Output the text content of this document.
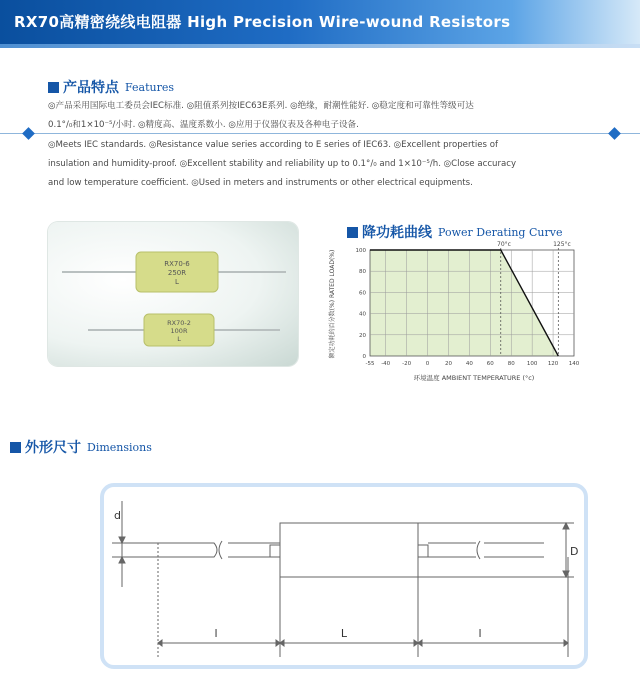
RX70高精密绕线电阻器 High Precision Wire-wound Resistors
产品特点 Features
◎产品采用国际电工委员会IEC标准. ◎阻值系列按IEC63E系列. ◎绝缘，耐潮性能好. ◎稳定度和可靠性等级可达
0.1°/₀和1×10⁻⁵/小时. ◎精度高、温度系数小. ◎应用于仪器仪表及各种电子设备.
◎Meets IEC standards. ◎Resistance value series according to E series of IEC63. ◎Excellent properties of
insulation and humidity-proof. ◎Excellent stability and reliability up to 0.1°/₀ and 1×10⁻⁵/h. ◎Close accuracy
and low temperature coefficient. ◎Used in meters and instruments or other electrical equipments.
RX70-6
250R
L
RX70-2
100R
L
降功耗曲线 Power Derating Curve
-55 -40 -20	0	20	40	60	80 100 120 140
0
20
40
60
80
100
环境温度 AMBIENT TEMPERATURE (°c)
额定功耗的百分数(%) RATED LOAD(%)
70°c	125°c
外形尺寸 Dimensions
d
D
L
l	l
